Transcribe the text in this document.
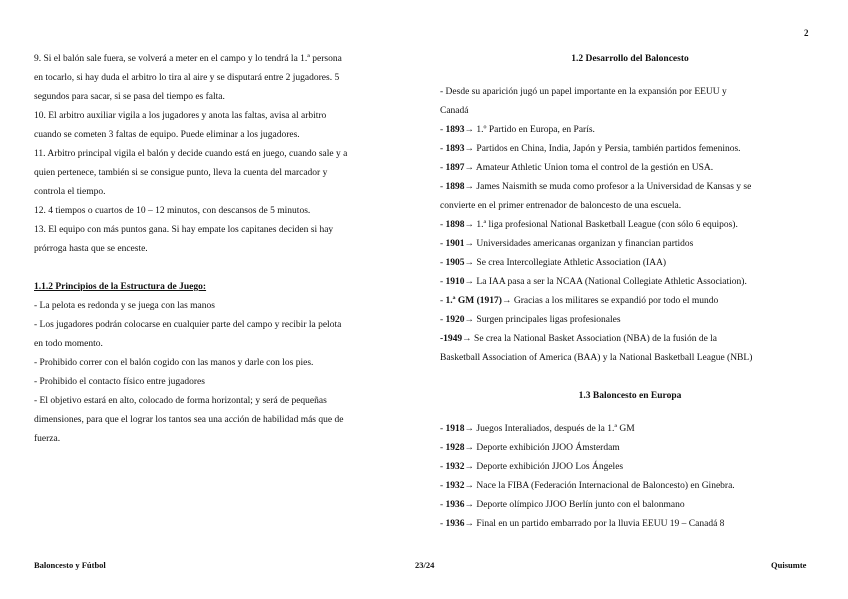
2
9. Si el balón sale fuera, se volverá a meter en el campo y lo tendrá la 1.ª persona
en tocarlo, si hay duda el arbitro lo tira al aire y se disputará entre 2 jugadores. 5
segundos para sacar, si se pasa del tiempo es falta.
10. El arbitro auxiliar vigila a los jugadores y anota las faltas, avisa al arbitro
cuando se cometen 3 faltas de equipo. Puede eliminar a los jugadores.
11. Arbitro principal vigila el balón y decide cuando está en juego, cuando sale y a
quien pertenece, también si se consigue punto, lleva la cuenta del marcador y
controla el tiempo.
12. 4 tiempos o cuartos de 10 – 12 minutos, con descansos de 5 minutos.
13. El equipo con más puntos gana. Si hay empate los capitanes deciden si hay
prórroga hasta que se enceste.
1.1.2 Principios de la Estructura de Juego:
- La pelota es redonda y se juega con las manos
- Los jugadores podrán colocarse en cualquier parte del campo y recibir la pelota
en todo momento.
- Prohibido correr con el balón cogido con las manos y darle con los pies.
- Prohibido el contacto físico entre jugadores
- El objetivo estará en alto, colocado de forma horizontal; y será de pequeñas
dimensiones, para que el lograr los tantos sea una acción de habilidad más que de
fuerza.
1.2 Desarrollo del Baloncesto
- Desde su aparición jugó un papel importante en la expansión por EEUU y
Canadá
- 1893→ 1.º Partido en Europa, en París.
- 1893→ Partidos en China, India, Japón y Persia, también partidos femeninos.
- 1897→ Amateur Athletic Union toma el control de la gestión en USA.
- 1898→ James Naismith se muda como profesor a la Universidad de Kansas y se
convierte en el primer entrenador de baloncesto de una escuela.
- 1898→ 1.ª liga profesional National Basketball League (con sólo 6 equipos).
- 1901→ Universidades americanas organizan y financian partidos
- 1905→ Se crea Intercollegiate Athletic Association (IAA)
- 1910→ La IAA pasa a ser la NCAA (National Collegiate Athletic Association).
- 1.ª GM (1917)→ Gracias a los militares se expandió por todo el mundo
- 1920→ Surgen principales ligas profesionales
-1949→ Se crea la National Basket Association (NBA) de la fusión de la
Basketball Association of America (BAA) y la National Basketball League (NBL)
1.3 Baloncesto en Europa
- 1918→ Juegos Interaliados, después de la 1.ª GM
- 1928→ Deporte exhibición JJOO Ámsterdam
- 1932→ Deporte exhibición JJOO Los Ángeles
- 1932→ Nace la FIBA (Federación Internacional de Baloncesto) en Ginebra.
- 1936→ Deporte olímpico JJOO Berlín junto con el balonmano
- 1936→ Final en un partido embarrado por la lluvia EEUU 19 – Canadá 8
Baloncesto y Fútbol	23/24	Quisumte
